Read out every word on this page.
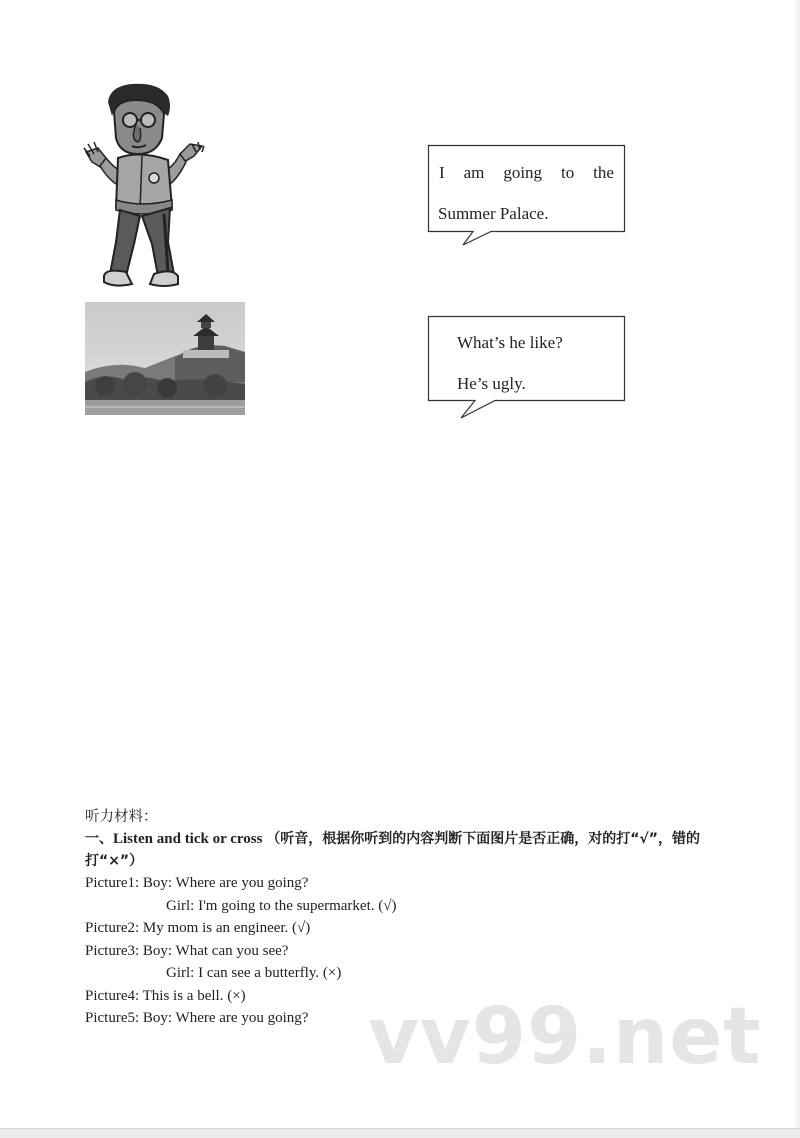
I am going to the
Summer Palace.
What’s he like?
He’s ugly.
听力材料：
一、Listen and tick or cross （听音，根据你听到的内容判断下面图片是否正确，对的打“√”，错的打“×”）
Picture1: Boy: Where are you going?
Girl: I'm going to the supermarket. (√)
Picture2: My mom is an engineer. (√)
Picture3: Boy: What can you see?
Girl: I can see a butterfly. (×)
Picture4: This is a bell. (×)
Picture5: Boy: Where are you going? vv99.net
